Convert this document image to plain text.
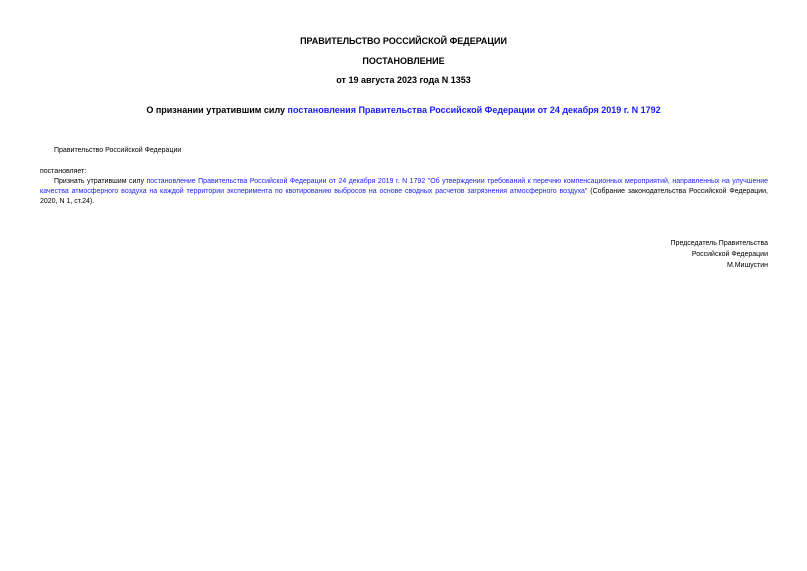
ПРАВИТЕЛЬСТВО РОССИЙСКОЙ ФЕДЕРАЦИИ

ПОСТАНОВЛЕНИЕ

от 19 августа 2023 года N 1353

О признании утратившим силу постановления Правительства Российской Федерации от 24 декабря 2019 г. N 1792

Правительство Российской Федерации

постановляет:

Признать утратившим силу постановление Правительства Российской Федерации от 24 декабря 2019 г. N 1792 "Об утверждении требований к перечню компенсационных мероприятий, направленных на улучшение качества атмосферного воздуха на каждой территории эксперимента по квотированию выбросов на основе сводных расчетов загрязнения атмосферного воздуха" (Собрание законодательства Российской Федерации, 2020, N 1, ст.24).

Председатель Правительства
Российской Федерации
М.Мишустин
